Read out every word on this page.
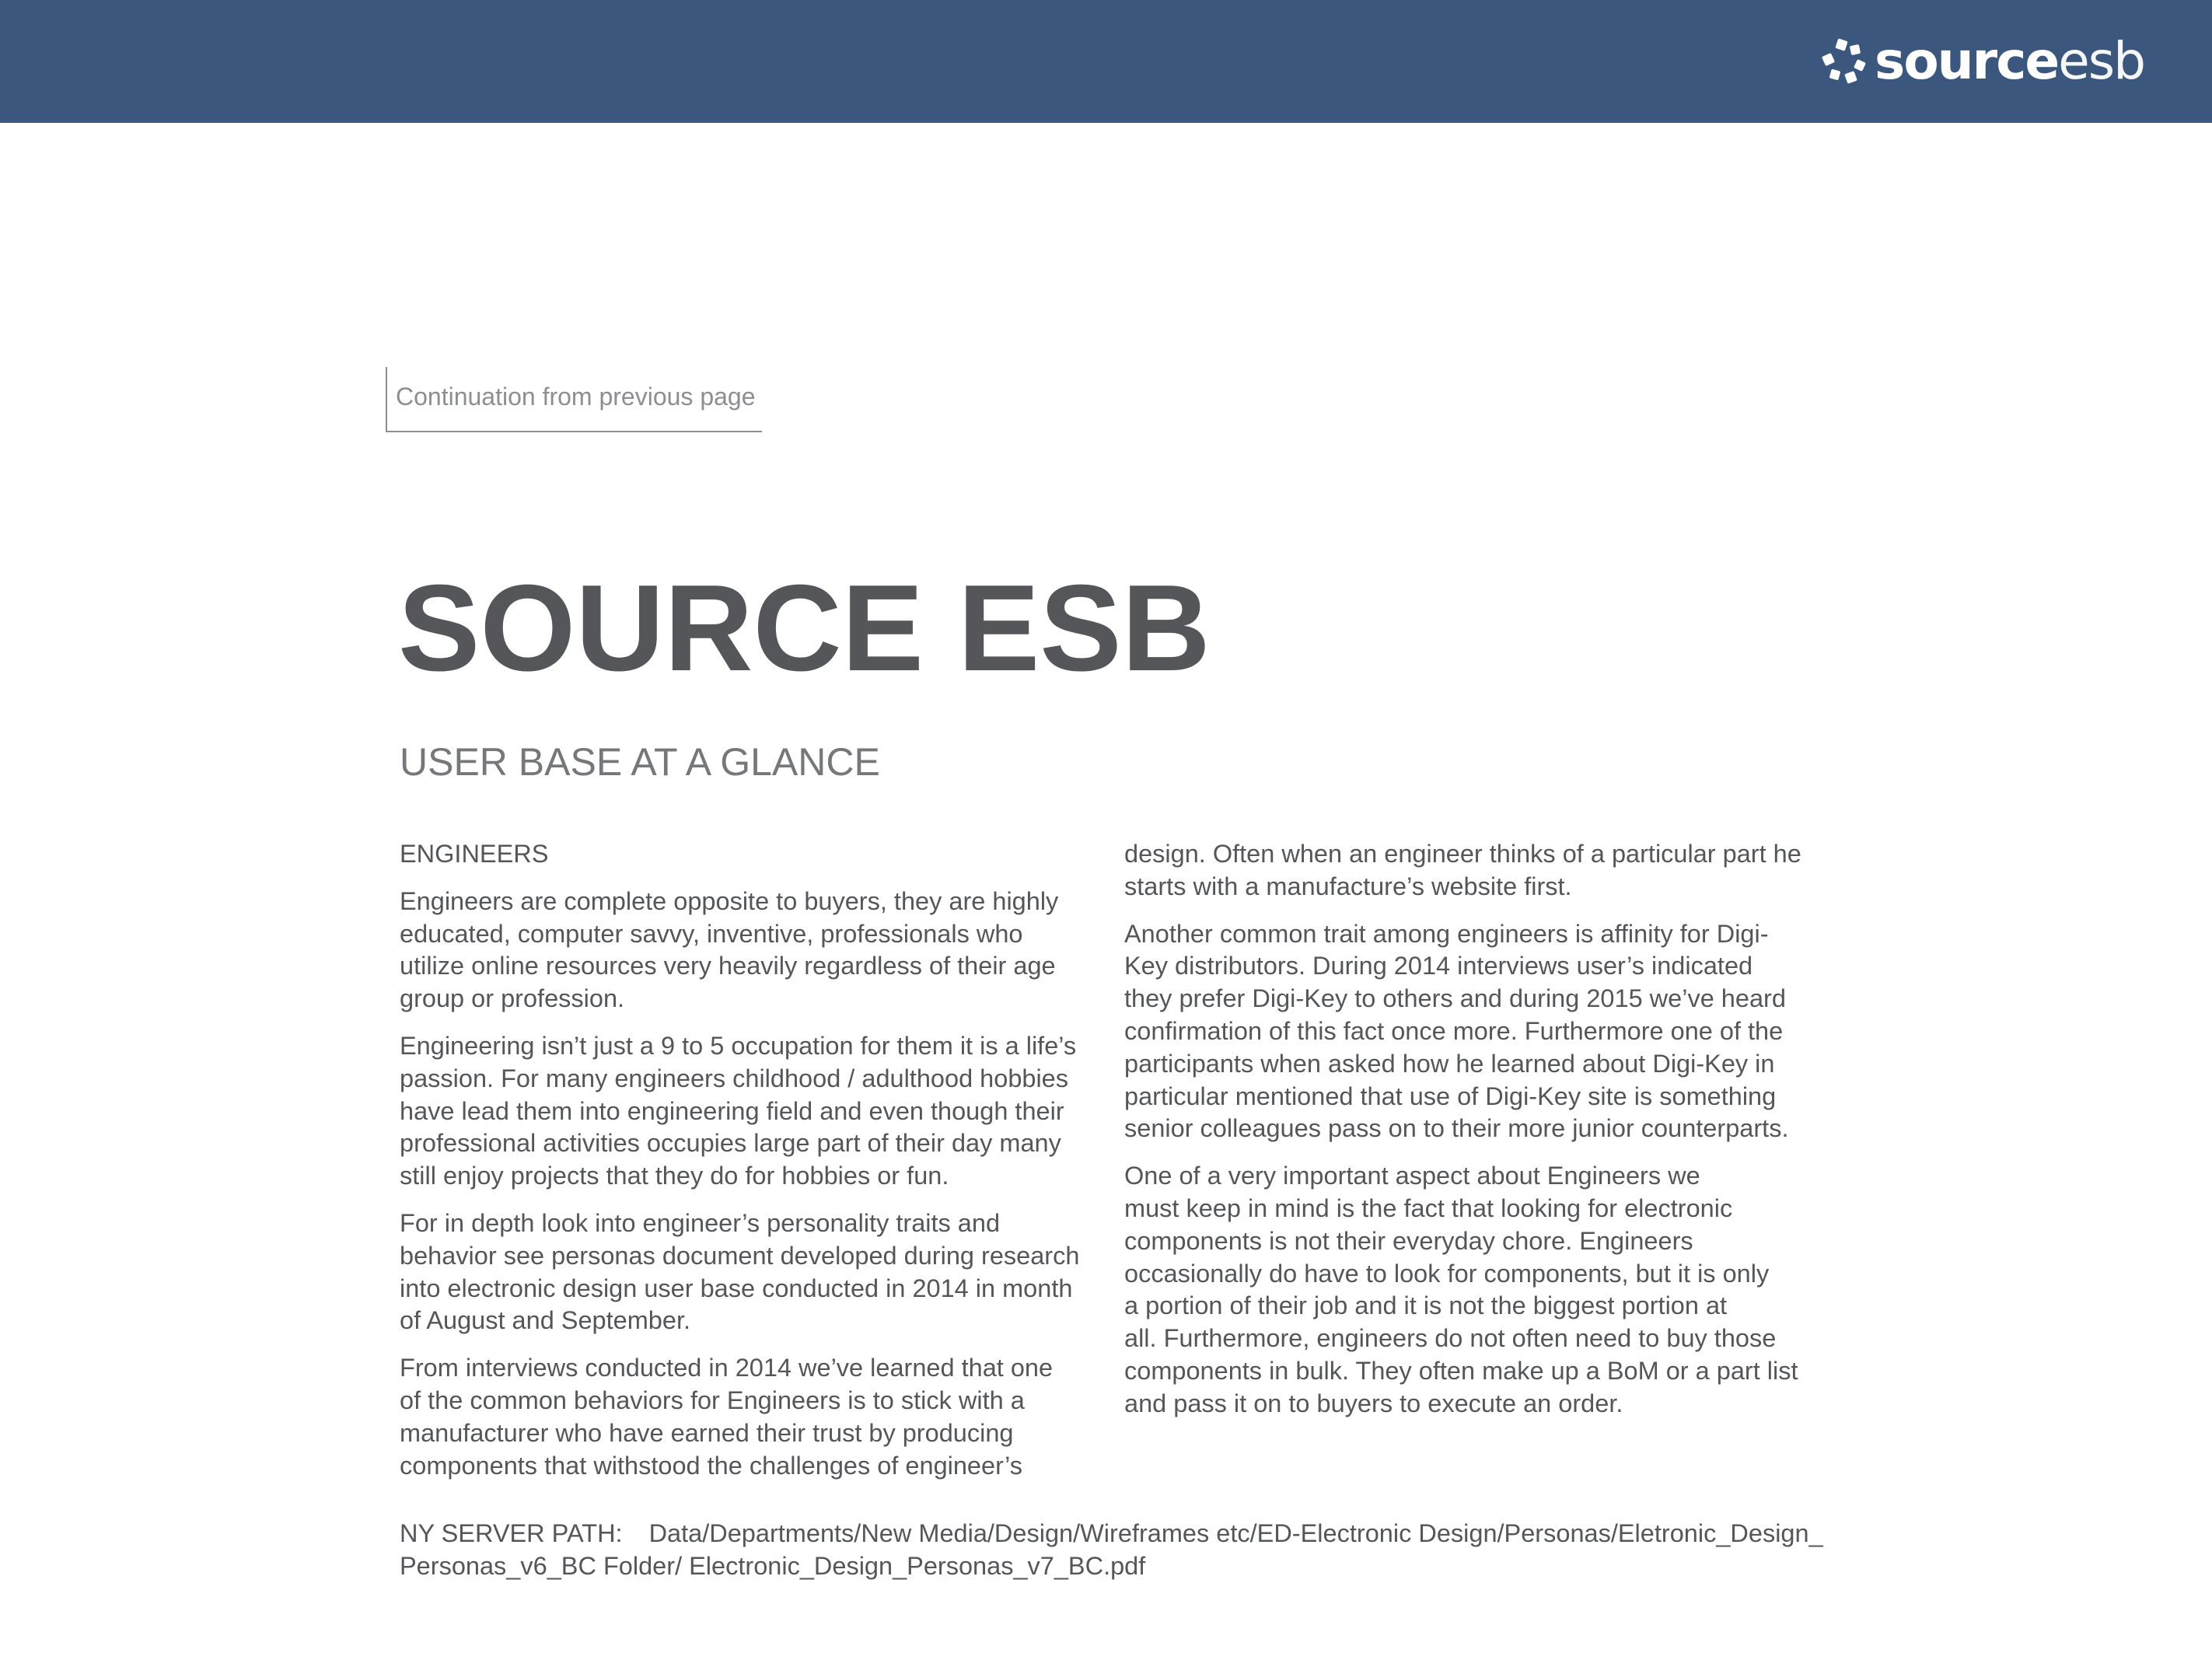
sourceesb
Continuation from previous page
SOURCE ESB
USER BASE AT A GLANCE
ENGINEERS

Engineers are complete opposite to buyers, they are highly
educated, computer savvy, inventive, professionals who
utilize online resources very heavily regardless of their age
group or profession.

Engineering isn’t just a 9 to 5 occupation for them it is a life’s
passion. For many engineers childhood / adulthood hobbies
have lead them into engineering field and even though their
professional activities occupies large part of their day many
still enjoy projects that they do for hobbies or fun.

For in depth look into engineer’s personality traits and
behavior see personas document developed during research
into electronic design user base conducted in 2014 in month
of August and September.

From interviews conducted in 2014 we’ve learned that one
of the common behaviors for Engineers is to stick with a
manufacturer who have earned their trust by producing
components that withstood the challenges of engineer’s

design. Often when an engineer thinks of a particular part he
starts with a manufacture’s website first.

Another common trait among engineers is affinity for Digi-
Key distributors. During 2014 interviews user’s indicated
they prefer Digi-Key to others and during 2015 we’ve heard
confirmation of this fact once more. Furthermore one of the
participants when asked how he learned about Digi-Key in
particular mentioned that use of Digi-Key site is something
senior colleagues pass on to their more junior counterparts.

One of a very important aspect about Engineers we
must keep in mind is the fact that looking for electronic
components is not their everyday chore. Engineers
occasionally do have to look for components, but it is only
a portion of their job and it is not the biggest portion at
all. Furthermore, engineers do not often need to buy those
components in bulk. They often make up a BoM or a part list
and pass it on to buyers to execute an order.

NY SERVER PATH: Data/Departments/New Media/Design/Wireframes etc/ED-Electronic Design/Personas/Eletronic_Design_
Personas_v6_BC Folder/ Electronic_Design_Personas_v7_BC.pdf
